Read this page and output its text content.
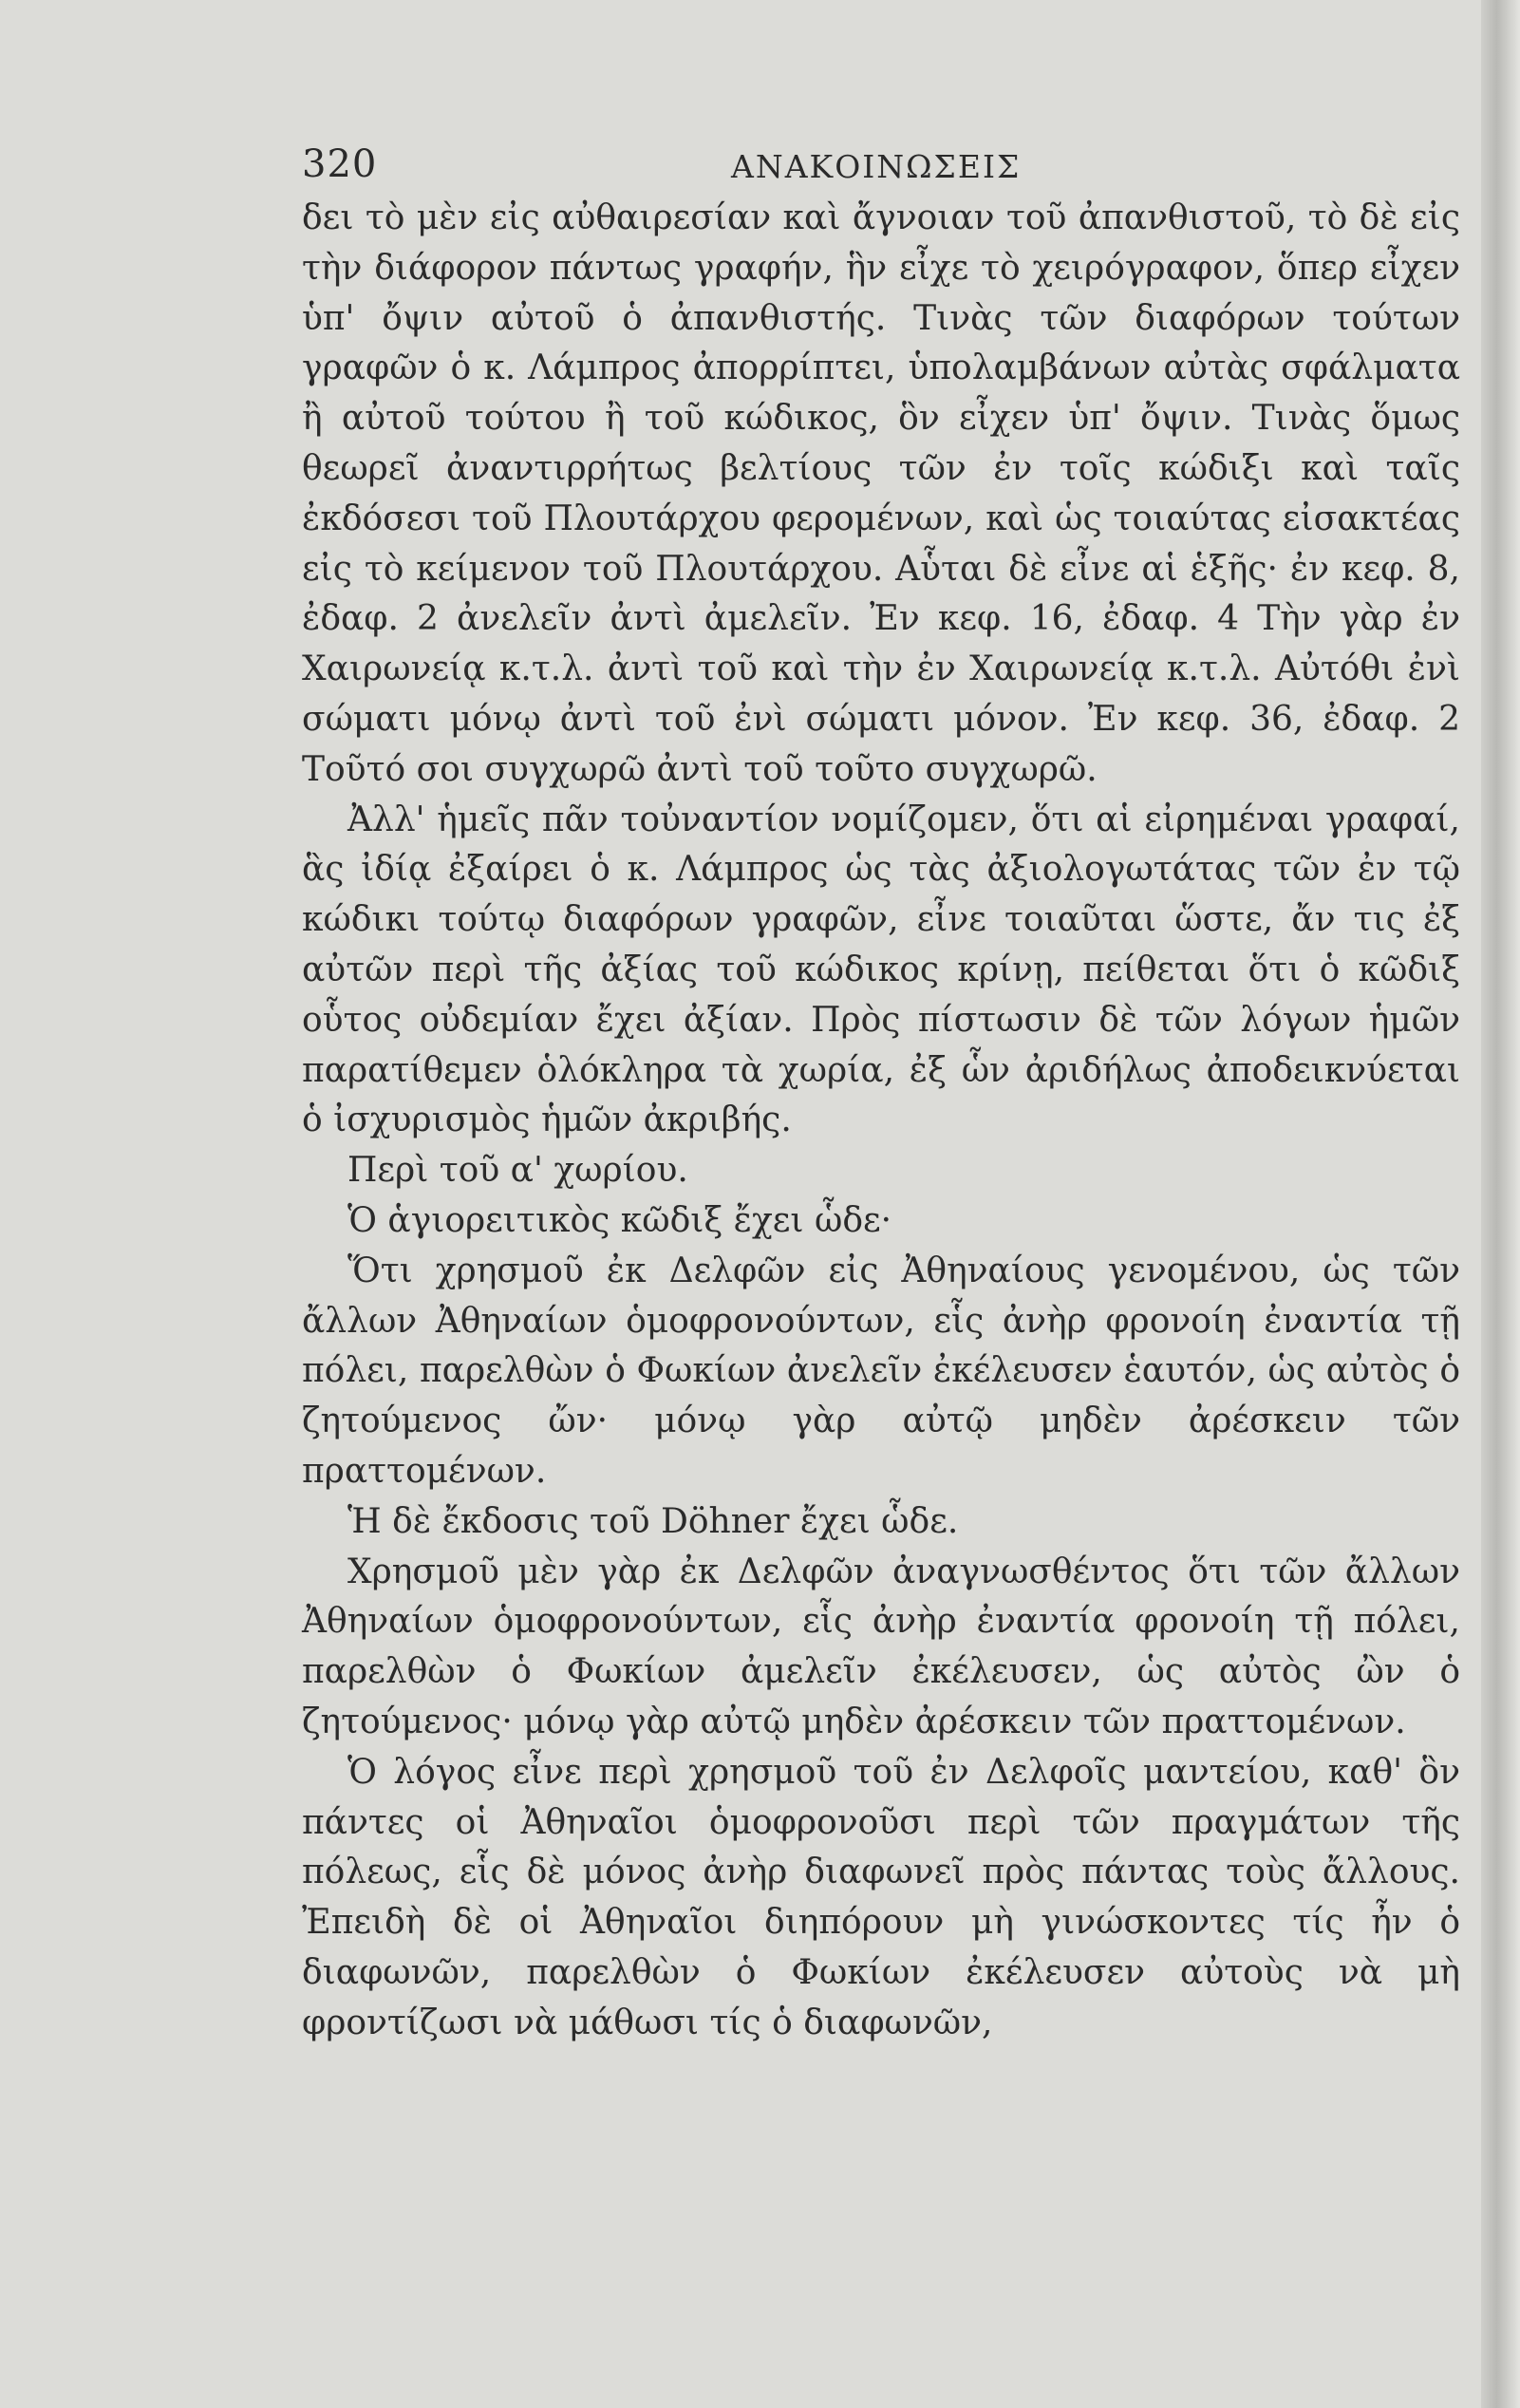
320	ΑΝΑΚΟΙΝΩΣΕΙΣ

δει τὸ μὲν εἰς αὐθαιρεσίαν καὶ ἄγνοιαν τοῦ ἀπανθιστοῦ, τὸ δὲ εἰς τὴν διάφορον πάντως γραφήν, ἣν εἶχε τὸ χειρόγραφον, ὅπερ εἶχεν ὑπ' ὄψιν αὐτοῦ ὁ ἀπανθιστής. Τινὰς τῶν διαφόρων τούτων γραφῶν ὁ κ. Λάμπρος ἀπορρίπτει, ὑπολαμβάνων αὐτὰς σφάλματα ἢ αὐτοῦ τούτου ἢ τοῦ κώδικος, ὃν εἶχεν ὑπ' ὄψιν. Τινὰς ὅμως θεωρεῖ ἀναντιρρήτως βελτίους τῶν ἐν τοῖς κώδιξι καὶ ταῖς ἐκδόσεσι τοῦ Πλουτάρχου φερομένων, καὶ ὡς τοιαύτας εἰσακτέας εἰς τὸ κείμενον τοῦ Πλουτάρχου. Αὗται δὲ εἶνε αἱ ἑξῆς· ἐν κεφ. 8, ἐδαφ. 2 ἀνελεῖν ἀντὶ ἀμελεῖν. Ἐν κεφ. 16, ἐδαφ. 4 Τὴν γὰρ ἐν Χαιρωνείᾳ κ.τ.λ. ἀντὶ τοῦ καὶ τὴν ἐν Χαιρωνείᾳ κ.τ.λ. Αὐτόθι ἐνὶ σώματι μόνῳ ἀντὶ τοῦ ἐνὶ σώματι μόνον. Ἐν κεφ. 36, ἐδαφ. 2 Τοῦτό σοι συγχωρῶ ἀντὶ τοῦ τοῦτο συγχωρῶ.

Ἀλλ' ἡμεῖς πᾶν τοὐναντίον νομίζομεν, ὅτι αἱ εἰρημέναι γραφαί, ἃς ἰδίᾳ ἐξαίρει ὁ κ. Λάμπρος ὡς τὰς ἀξιολογωτάτας τῶν ἐν τῷ κώδικι τούτῳ διαφόρων γραφῶν, εἶνε τοιαῦται ὥστε, ἄν τις ἐξ αὐτῶν περὶ τῆς ἀξίας τοῦ κώδικος κρίνῃ, πείθεται ὅτι ὁ κῶδιξ οὗτος οὐδεμίαν ἔχει ἀξίαν. Πρὸς πίστωσιν δὲ τῶν λόγων ἡμῶν παρατίθεμεν ὁλόκληρα τὰ χωρία, ἐξ ὧν ἀριδήλως ἀποδεικνύεται ὁ ἰσχυρισμὸς ἡμῶν ἀκριβής.

Περὶ τοῦ α' χωρίου.

Ὁ ἁγιορειτικὸς κῶδιξ ἔχει ὧδε·

Ὅτι χρησμοῦ ἐκ Δελφῶν εἰς Ἀθηναίους γενομένου, ὡς τῶν ἄλλων Ἀθηναίων ὁμοφρονούντων, εἷς ἀνὴρ φρονοίη ἐναντία τῇ πόλει, παρελθὼν ὁ Φωκίων ἀνελεῖν ἐκέλευσεν ἑαυτόν, ὡς αὐτὸς ὁ ζητούμενος ὤν· μόνῳ γὰρ αὐτῷ μηδὲν ἀρέσκειν τῶν πραττομένων.

Ἡ δὲ ἔκδοσις τοῦ Döhner ἔχει ὧδε.

Χρησμοῦ μὲν γὰρ ἐκ Δελφῶν ἀναγνωσθέντος ὅτι τῶν ἄλλων Ἀθηναίων ὁμοφρονούντων, εἷς ἀνὴρ ἐναντία φρονοίη τῇ πόλει, παρελθὼν ὁ Φωκίων ἀμελεῖν ἐκέλευσεν, ὡς αὐτὸς ὢν ὁ ζητούμενος· μόνῳ γὰρ αὐτῷ μηδὲν ἀρέσκειν τῶν πραττομένων.

Ὁ λόγος εἶνε περὶ χρησμοῦ τοῦ ἐν Δελφοῖς μαντείου, καθ' ὃν πάντες οἱ Ἀθηναῖοι ὁμοφρονοῦσι περὶ τῶν πραγμάτων τῆς πόλεως, εἷς δὲ μόνος ἀνὴρ διαφωνεῖ πρὸς πάντας τοὺς ἄλλους. Ἐπειδὴ δὲ οἱ Ἀθηναῖοι διηπόρουν μὴ γινώσκοντες τίς ἦν ὁ διαφωνῶν, παρελθὼν ὁ Φωκίων ἐκέλευσεν αὐτοὺς νὰ μὴ φροντίζωσι νὰ μάθωσι τίς ὁ διαφωνῶν,
